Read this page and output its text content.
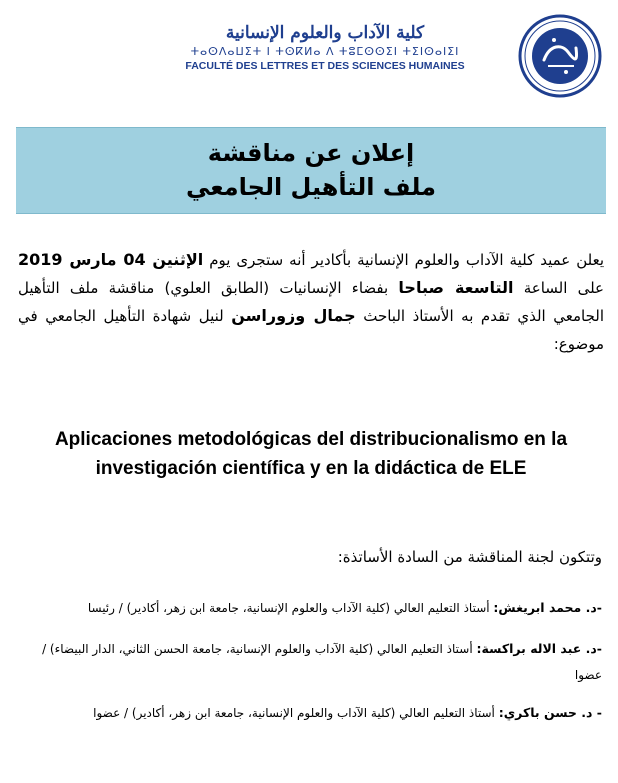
كلية الآداب والعلوم الإنسانية
ⵜⴰⵙⴷⴰⵡⵉⵜ ⵏ ⵜⵙⴽⵍⴰ ⴷ ⵜⵓⵎⵙⵙⵉⵏ ⵜⵉⵏⵙⴰⵏⵉⵏ
FACULTÉ DES LETTRES ET DES SCIENCES HUMAINES
إعلان عن مناقشة
ملف التأهيل الجامعي
يعلن عميد كلية الآداب والعلوم الإنسانية بأكادير أنه ستجرى يوم الإثنين 04 مارس 2019 على الساعة التاسعة صباحا بفضاء الإنسانيات (الطابق العلوي) مناقشة ملف التأهيل الجامعي الذي تقدم به الأستاذ الباحث جمال وزوراسن لنيل شهادة التأهيل الجامعي في موضوع:
Aplicaciones metodológicas del distribucionalismo en la
investigación científica y en la didáctica de ELE
وتتكون لجنة المناقشة من السادة الأساتذة:
-د. محمد ابريغش: أستاذ التعليم العالي (كلية الآداب والعلوم الإنسانية، جامعة ابن زهر، أكادير) / رئيسا
-د. عبد الاله براكسة: أستاذ التعليم العالي (كلية الآداب والعلوم الإنسانية، جامعة الحسن الثاني، الدار البيضاء) / عضوا
- د. حسن باكري: أستاذ التعليم العالي (كلية الآداب والعلوم الإنسانية، جامعة ابن زهر، أكادير) / عضوا
